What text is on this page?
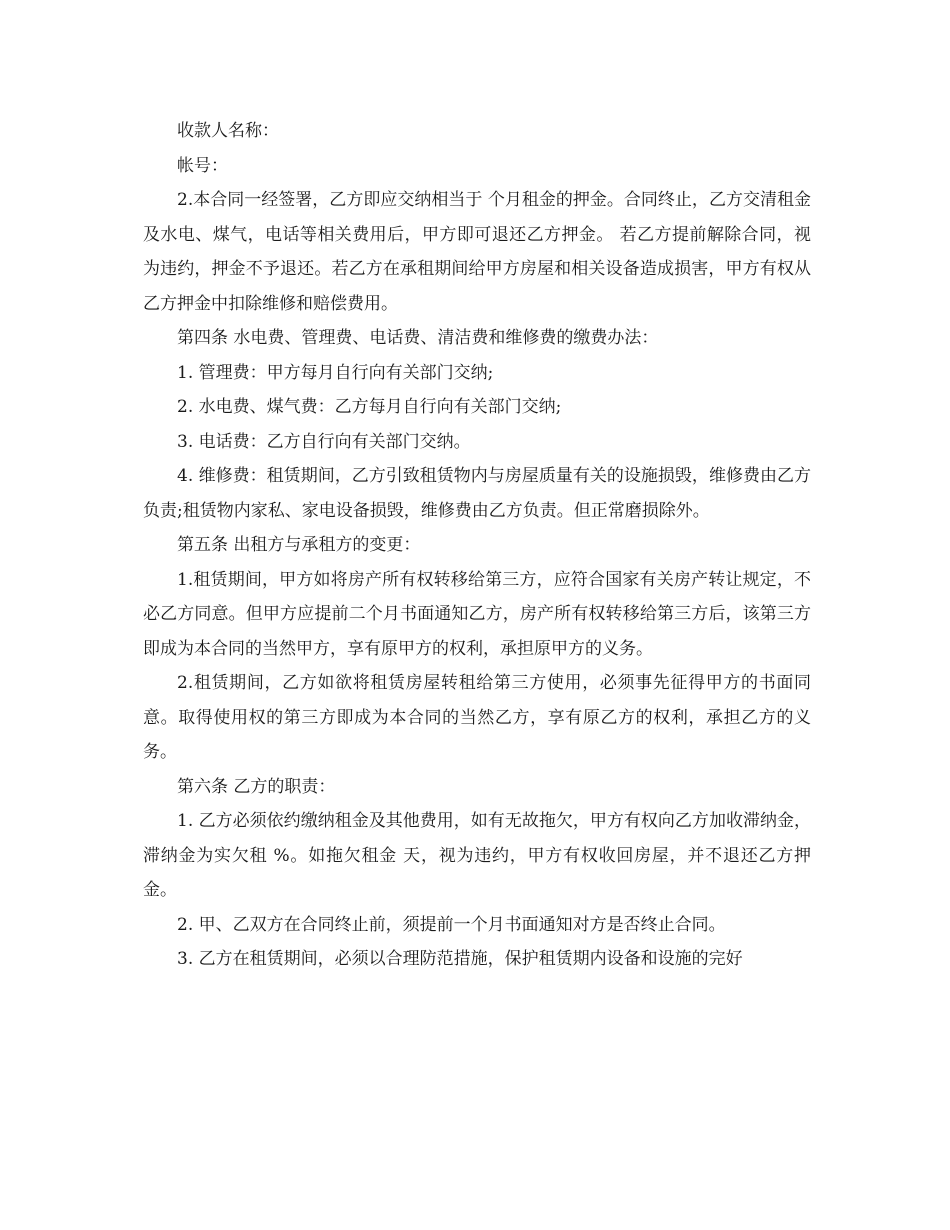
收款人名称：

帐号：

2.本合同一经签署，乙方即应交纳相当于 个月租金的押金。合同终止，乙方交清租金及水电、煤气，电话等相关费用后，甲方即可退还乙方押金。 若乙方提前解除合同，视为违约，押金不予退还。若乙方在承租期间给甲方房屋和相关设备造成损害，甲方有权从乙方押金中扣除维修和赔偿费用。

第四条 水电费、管理费、电话费、清洁费和维修费的缴费办法：

1. 管理费：甲方每月自行向有关部门交纳;

2. 水电费、煤气费：乙方每月自行向有关部门交纳;

3. 电话费：乙方自行向有关部门交纳。

4. 维修费：租赁期间，乙方引致租赁物内与房屋质量有关的设施损毁，维修费由乙方负责;租赁物内家私、家电设备损毁，维修费由乙方负责。但正常磨损除外。

第五条 出租方与承租方的变更：

1.租赁期间，甲方如将房产所有权转移给第三方，应符合国家有关房产转让规定，不必乙方同意。但甲方应提前二个月书面通知乙方，房产所有权转移给第三方后，该第三方即成为本合同的当然甲方，享有原甲方的权利，承担原甲方的义务。

2.租赁期间，乙方如欲将租赁房屋转租给第三方使用，必须事先征得甲方的书面同意。取得使用权的第三方即成为本合同的当然乙方，享有原乙方的权利，承担乙方的义务。

第六条 乙方的职责：

1. 乙方必须依约缴纳租金及其他费用，如有无故拖欠，甲方有权向乙方加收滞纳金，滞纳金为实欠租 %。如拖欠租金 天，视为违约，甲方有权收回房屋，并不退还乙方押金。

2. 甲、乙双方在合同终止前，须提前一个月书面通知对方是否终止合同。

3. 乙方在租赁期间，必须以合理防范措施，保护租赁期内设备和设施的完好
